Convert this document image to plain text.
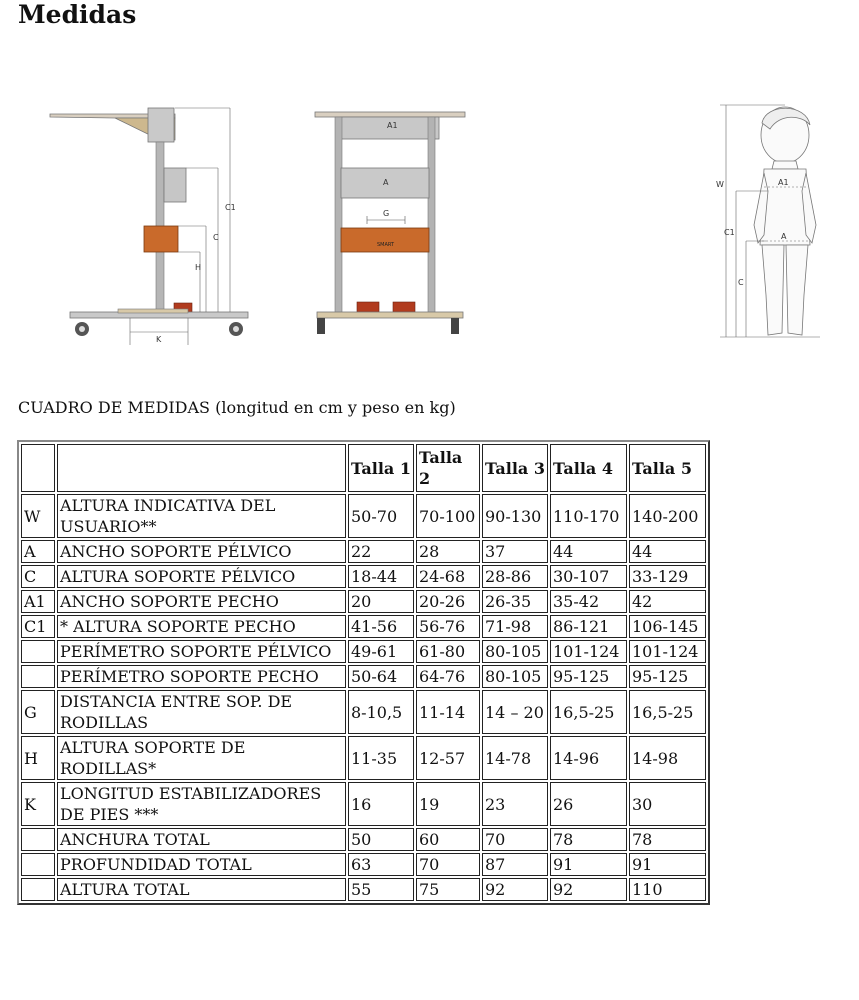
Medidas
C1
C
H
K
A1
A
G
SMART
W	A1
C1	A
C
CUADRO DE MEDIDAS (longitud en cm y peso en kg)
		Talla 1	Talla 2	Talla 3	Talla 4	Talla 5
W	ALTURA INDICATIVA DEL USUARIO**	50-70	70-100	90-130	110-170	140-200
A	ANCHO SOPORTE PÉLVICO	22	28	37	44	44
C	ALTURA SOPORTE PÉLVICO	18-44	24-68	28-86	30-107	33-129
A1	ANCHO SOPORTE PECHO	20	20-26	26-35	35-42	42
C1	* ALTURA SOPORTE PECHO	41-56	56-76	71-98	86-121	106-145
	PERÍMETRO SOPORTE PÉLVICO	49-61	61-80	80-105	101-124	101-124
	PERÍMETRO SOPORTE PECHO	50-64	64-76	80-105	95-125	95-125
G	DISTANCIA ENTRE SOP. DE RODILLAS	8-10,5	11-14	14 – 20	16,5-25	16,5-25
H	ALTURA SOPORTE DE RODILLAS*	11-35	12-57	14-78	14-96	14-98
K	LONGITUD ESTABILIZADORES DE PIES ***	16	19	23	26	30
	ANCHURA TOTAL	50	60	70	78	78
	PROFUNDIDAD TOTAL	63	70	87	91	91
	ALTURA TOTAL	55	75	92	92	110
